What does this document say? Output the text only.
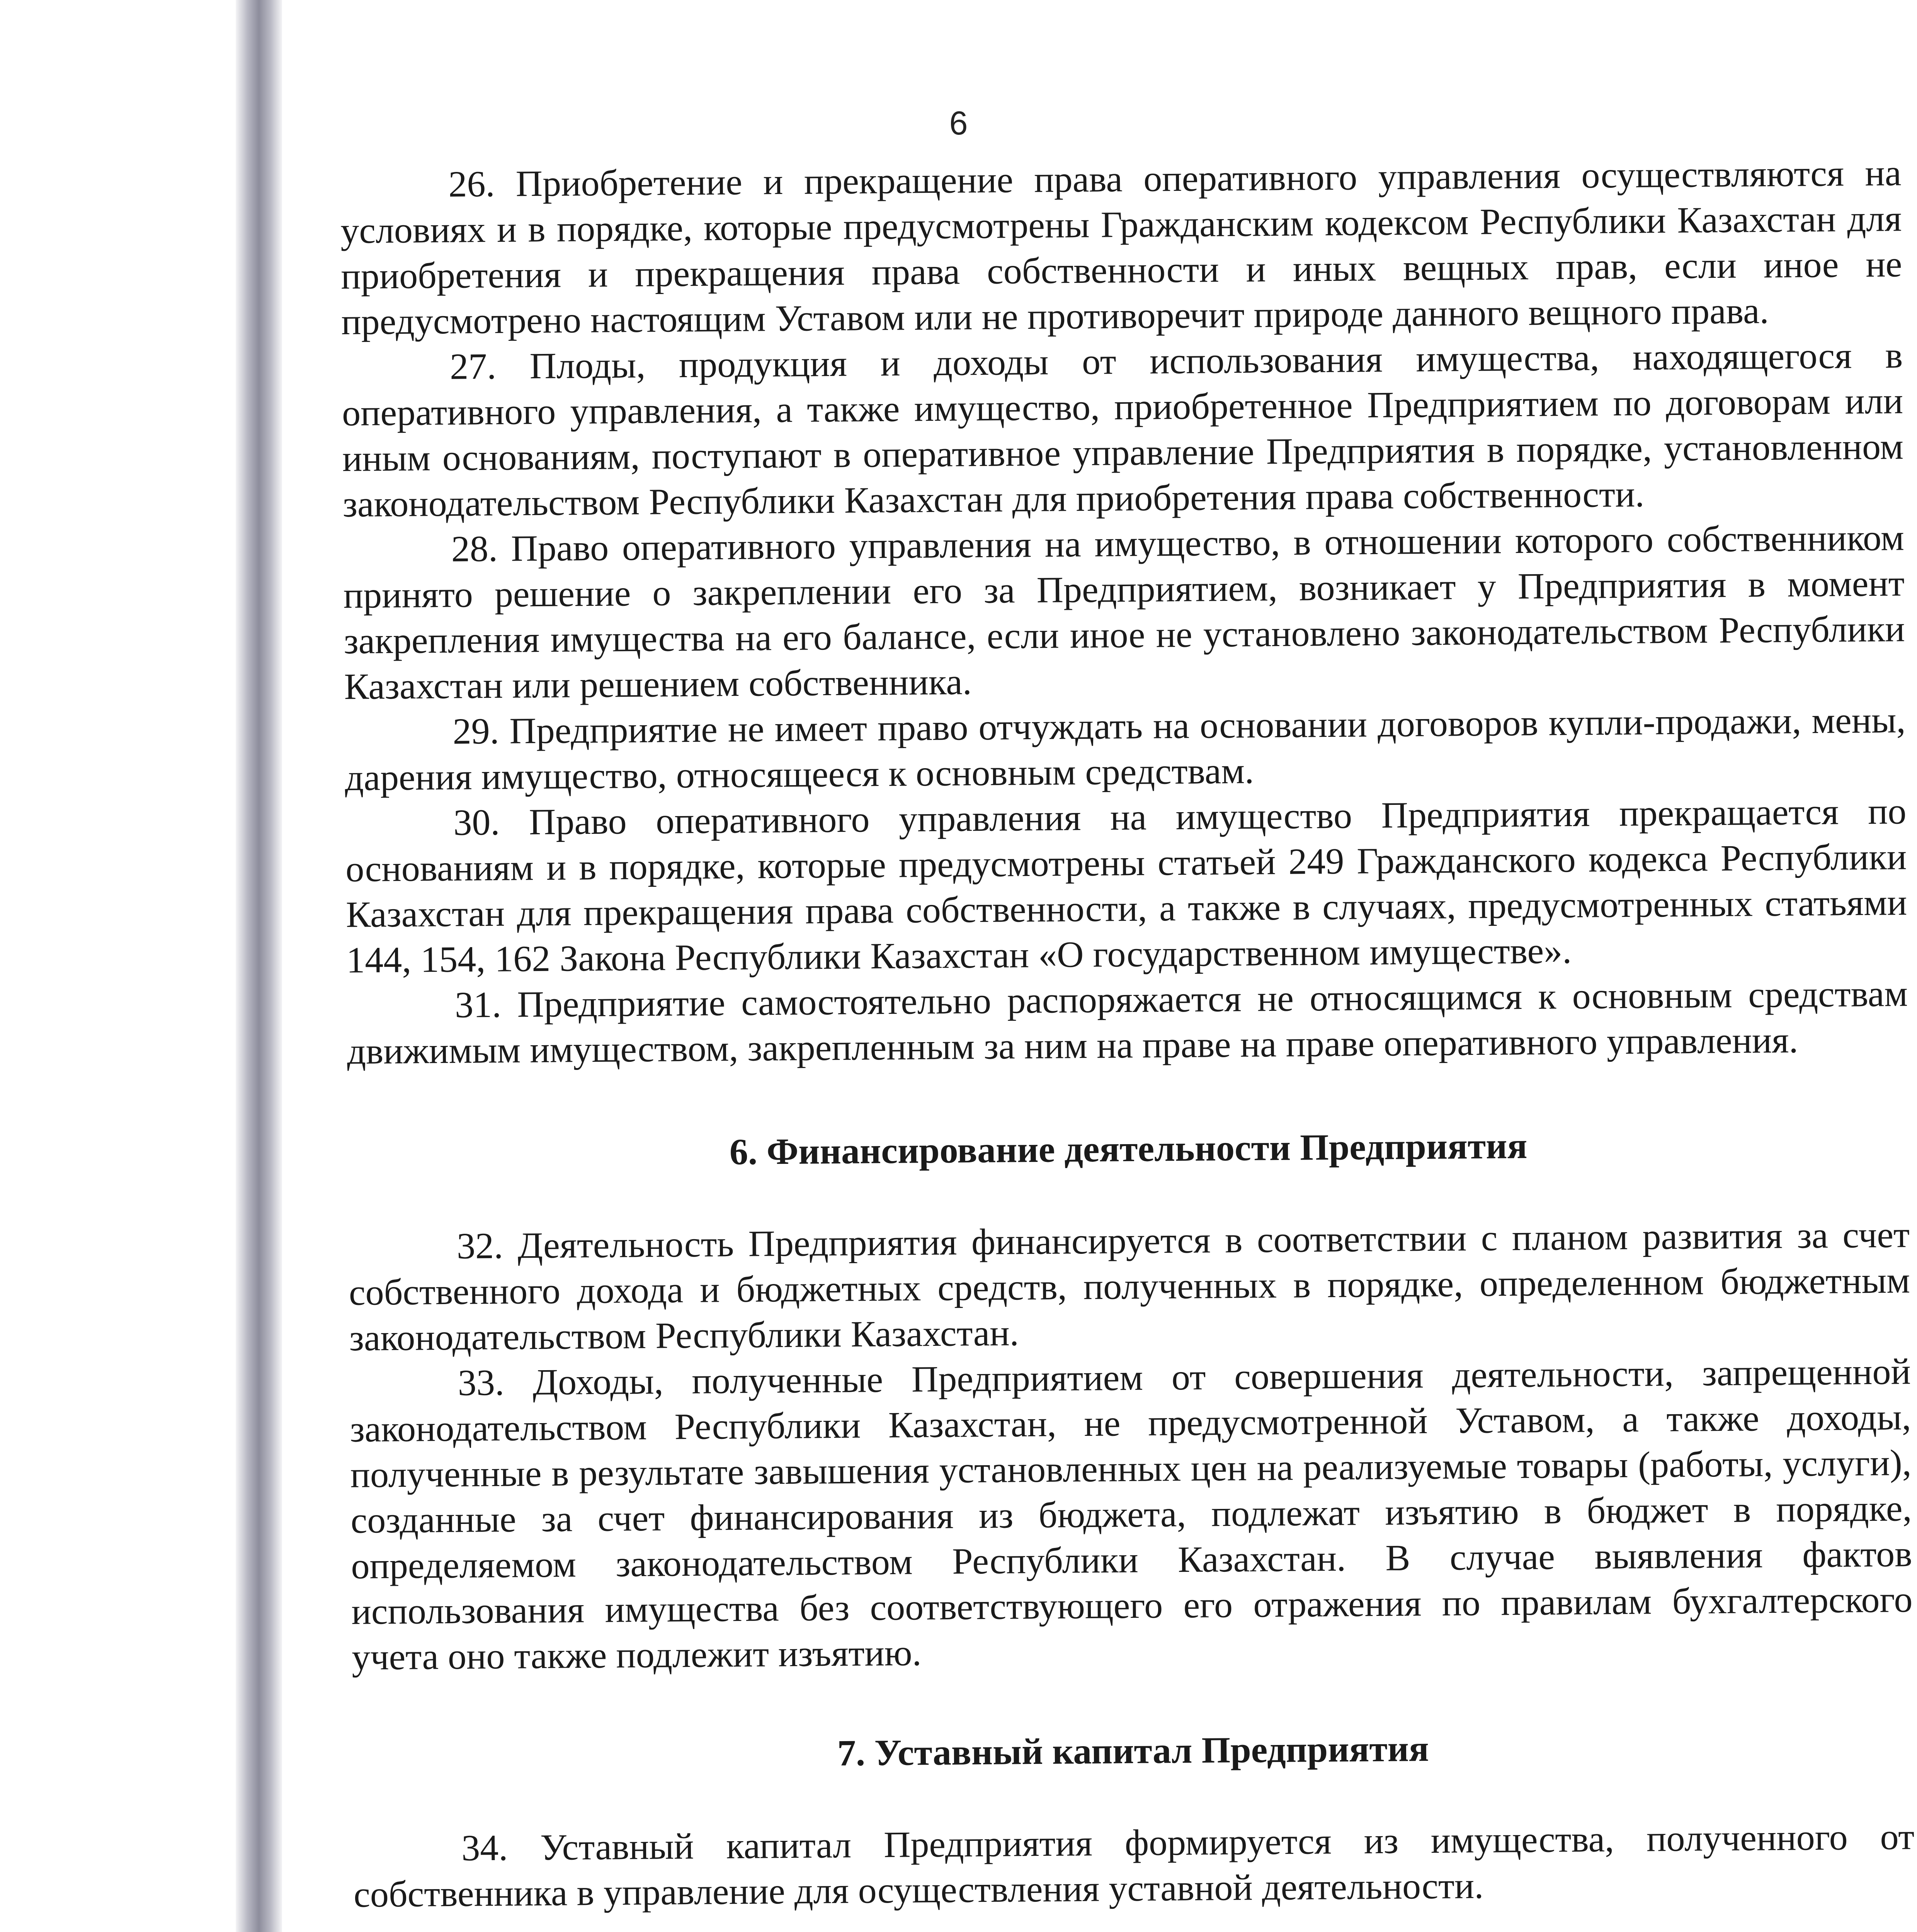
6

26. Приобретение и прекращение права оперативного управления осуществляются на условиях и в порядке, которые предусмотрены Гражданским кодексом Республики Казахстан для приобретения и прекращения права собственности и иных вещных прав, если иное не предусмотрено настоящим Уставом или не противоречит природе данного вещного права.

27. Плоды, продукция и доходы от использования имущества, находящегося в оперативного управления, а также имущество, приобретенное Предприятием по договорам или иным основаниям, поступают в оперативное управление Предприятия в порядке, установленном законодательством Республики Казахстан для приобретения права собственности.

28. Право оперативного управления на имущество, в отношении которого собственником принято решение о закреплении его за Предприятием, возникает у Предприятия в момент закрепления имущества на его балансе, если иное не установлено законодательством Республики Казахстан или решением собственника.

29. Предприятие не имеет право отчуждать на основании договоров купли-продажи, мены, дарения имущество, относящееся к основным средствам.

30. Право оперативного управления на имущество Предприятия прекращается по основаниям и в порядке, которые предусмотрены статьей 249 Гражданского кодекса Республики Казахстан для прекращения права собственности, а также в случаях, предусмотренных статьями 144, 154, 162 Закона Республики Казахстан «О государственном имуществе».

31. Предприятие самостоятельно распоряжается не относящимся к основным средствам движимым имуществом, закрепленным за ним на праве на праве оперативного управления.

6. Финансирование деятельности Предприятия

32. Деятельность Предприятия финансируется в соответствии с планом развития за счет собственного дохода и бюджетных средств, полученных в порядке, определенном бюджетным законодательством Республики Казахстан.

33. Доходы, полученные Предприятием от совершения деятельности, запрещенной законодательством Республики Казахстан, не предусмотренной Уставом, а также доходы, полученные в результате завышения установленных цен на реализуемые товары (работы, услуги), созданные за счет финансирования из бюджета, подлежат изъятию в бюджет в порядке, определяемом законодательством Республики Казахстан. В случае выявления фактов использования имущества без соответствующего его отражения по правилам бухгалтерского учета оно также подлежит изъятию.

7. Уставный капитал Предприятия

34. Уставный капитал Предприятия формируется из имущества, полученного от собственника в управление для осуществления уставной деятельности.
